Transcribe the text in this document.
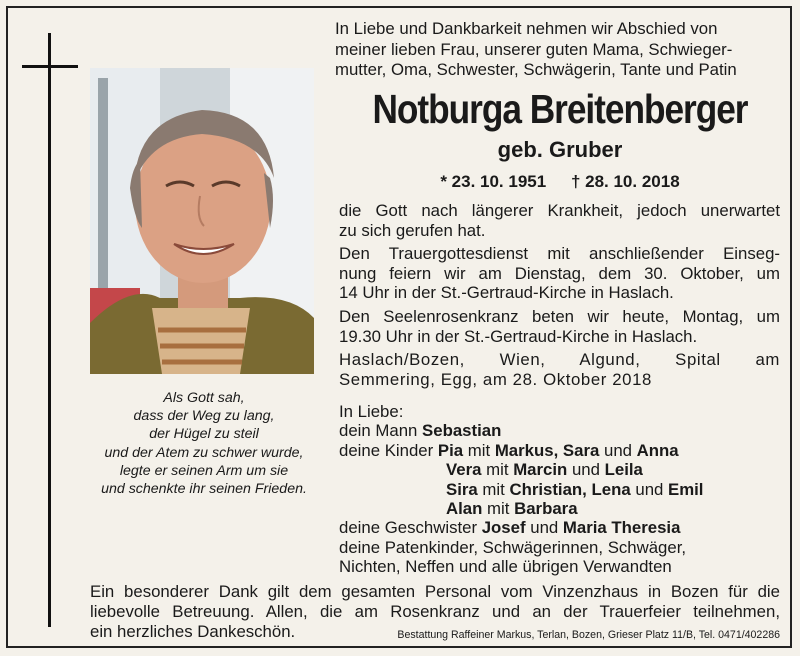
Als Gott sah,
dass der Weg zu lang,
der Hügel zu steil
und der Atem zu schwer wurde,
legte er seinen Arm um sie
und schenkte ihr seinen Frieden.
In Liebe und Dankbarkeit nehmen wir Abschied von
meiner lieben Frau, unserer guten Mama, Schwieger-
mutter, Oma, Schwester, Schwägerin, Tante und Patin
Notburga Breitenberger
geb. Gruber
* 23. 10. 1951 † 28. 10. 2018

die Gott nach längerer Krankheit, jedoch unerwartet
zu sich gerufen hat.

Den Trauergottesdienst mit anschließender Einseg-
nung feiern wir am Dienstag, dem 30. Oktober, um
14 Uhr in der St.-Gertraud-Kirche in Haslach.

Den Seelenrosenkranz beten wir heute, Montag, um
19.30 Uhr in der St.-Gertraud-Kirche in Haslach.

Haslach/Bozen, Wien, Algund, Spital am
Semmering, Egg, am 28. Oktober 2018

In Liebe:
dein Mann Sebastian
deine Kinder Pia mit Markus, Sara und Anna
Vera mit Marcin und Leila
Sira mit Christian, Lena und Emil
Alan mit Barbara
deine Geschwister Josef und Maria Theresia
deine Patenkinder, Schwägerinnen, Schwäger,
Nichten, Neffen und alle übrigen Verwandten
Ein besonderer Dank gilt dem gesamten Personal vom Vinzenzhaus in Bozen für die
liebevolle Betreuung. Allen, die am Rosenkranz und an der Trauerfeier teilnehmen,
ein herzliches Dankeschön.	Bestattung Raffeiner Markus, Terlan, Bozen, Grieser Platz 11/B, Tel. 0471/402286
